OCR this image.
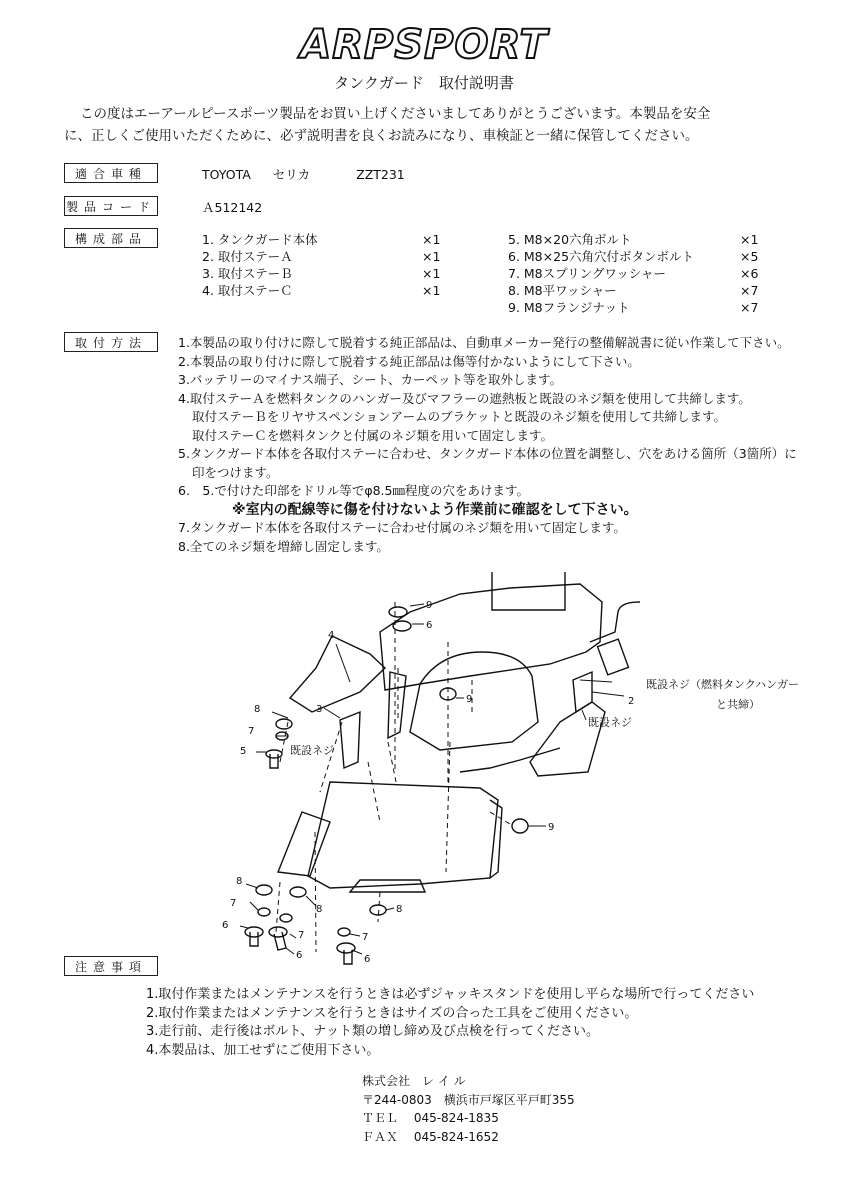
ARPSPORT
タンクガード　取付説明書

この度はエーアールピースポーツ製品をお買い上げくださいましてありがとうございます。本製品を安全

に、正しくご使用いただくために、必ず説明書を良くお読みになり、車検証と一緒に保管してください。

適合車種	TOYOTA セリカ	ZZT231
製品コード	Ａ512142
構成部品	1. タンクガード本体	×1
2. 取付ステーＡ	×1
3. 取付ステーＢ	×1
4. 取付ステーＣ	×1
5. M8×20六角ボルト	×1
6. M8×25六角穴付ボタンボルト	×5
7. M8スプリングワッシャー	×6
8. M8平ワッシャー	×7
9. M8フランジナット	×7
取付方法	1.本製品の取り付けに際して脱着する純正部品は、自動車メーカー発行の整備解説書に従い作業して下さい。
2.本製品の取り付けに際して脱着する純正部品は傷等付かないようにして下さい。
3.バッテリーのマイナス端子、シート、カーペット等を取外します。
4.取付ステーＡを燃料タンクのハンガー及びマフラーの遮熱板と既設のネジ類を使用して共締します。
取付ステーＢをリヤサスペンションアームのブラケットと既設のネジ類を使用して共締します。
取付ステーＣを燃料タンクと付属のネジ類を用いて固定します。
5.タンクガード本体を各取付ステーに合わせ、タンクガード本体の位置を調整し、穴をあける箇所（3箇所）に
印をつけます。
6.　5.で付けた印部をドリル等でφ8.5㎜程度の穴をあけます。
※室内の配線等に傷を付けないよう作業前に確認をして下さい。
7.タンクガード本体を各取付ステーに合わせ付属のネジ類を用いて固定します。
8.全てのネジ類を増締し固定します。
9
6
9	2
9
4
3
8
7
5
8
7
6
8
7
6
8
7
6
既設ネジ
既設ネジ
既設ネジ（燃料タンクハンガー
と共締）
注意事項
1.取付作業またはメンテナンスを行うときは必ずジャッキスタンドを使用し平らな場所で行ってください
2.取付作業またはメンテナンスを行うときはサイズの合った工具をご使用ください。
3.走行前、走行後はボルト、ナット類の増し締め及び点検を行ってください。
4.本製品は、加工せずにご使用下さい。
株式会社　レ イ ル
〒244-0803　横浜市戸塚区平戸町355
ＴＥＬ　 045-824-1835
ＦＡＸ　 045-824-1652
